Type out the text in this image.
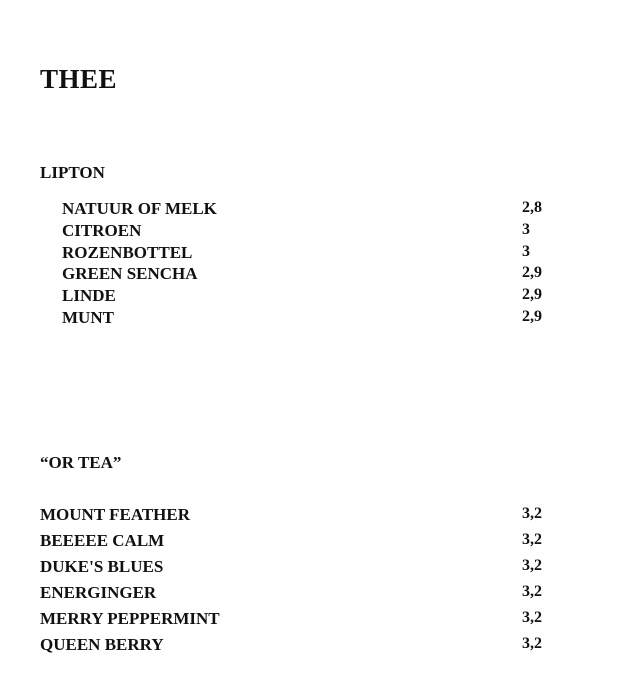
THEE
LIPTON
NATUUR OF MELK	2,8
CITROEN	3
ROZENBOTTEL	3
GREEN SENCHA	2,9
LINDE	2,9
MUNT	2,9
“OR TEA”
MOUNT FEATHER	3,2
BEEEEE CALM	3,2
DUKE'S BLUES	3,2
ENERGINGER	3,2
MERRY PEPPERMINT	3,2
QUEEN BERRY	3,2
